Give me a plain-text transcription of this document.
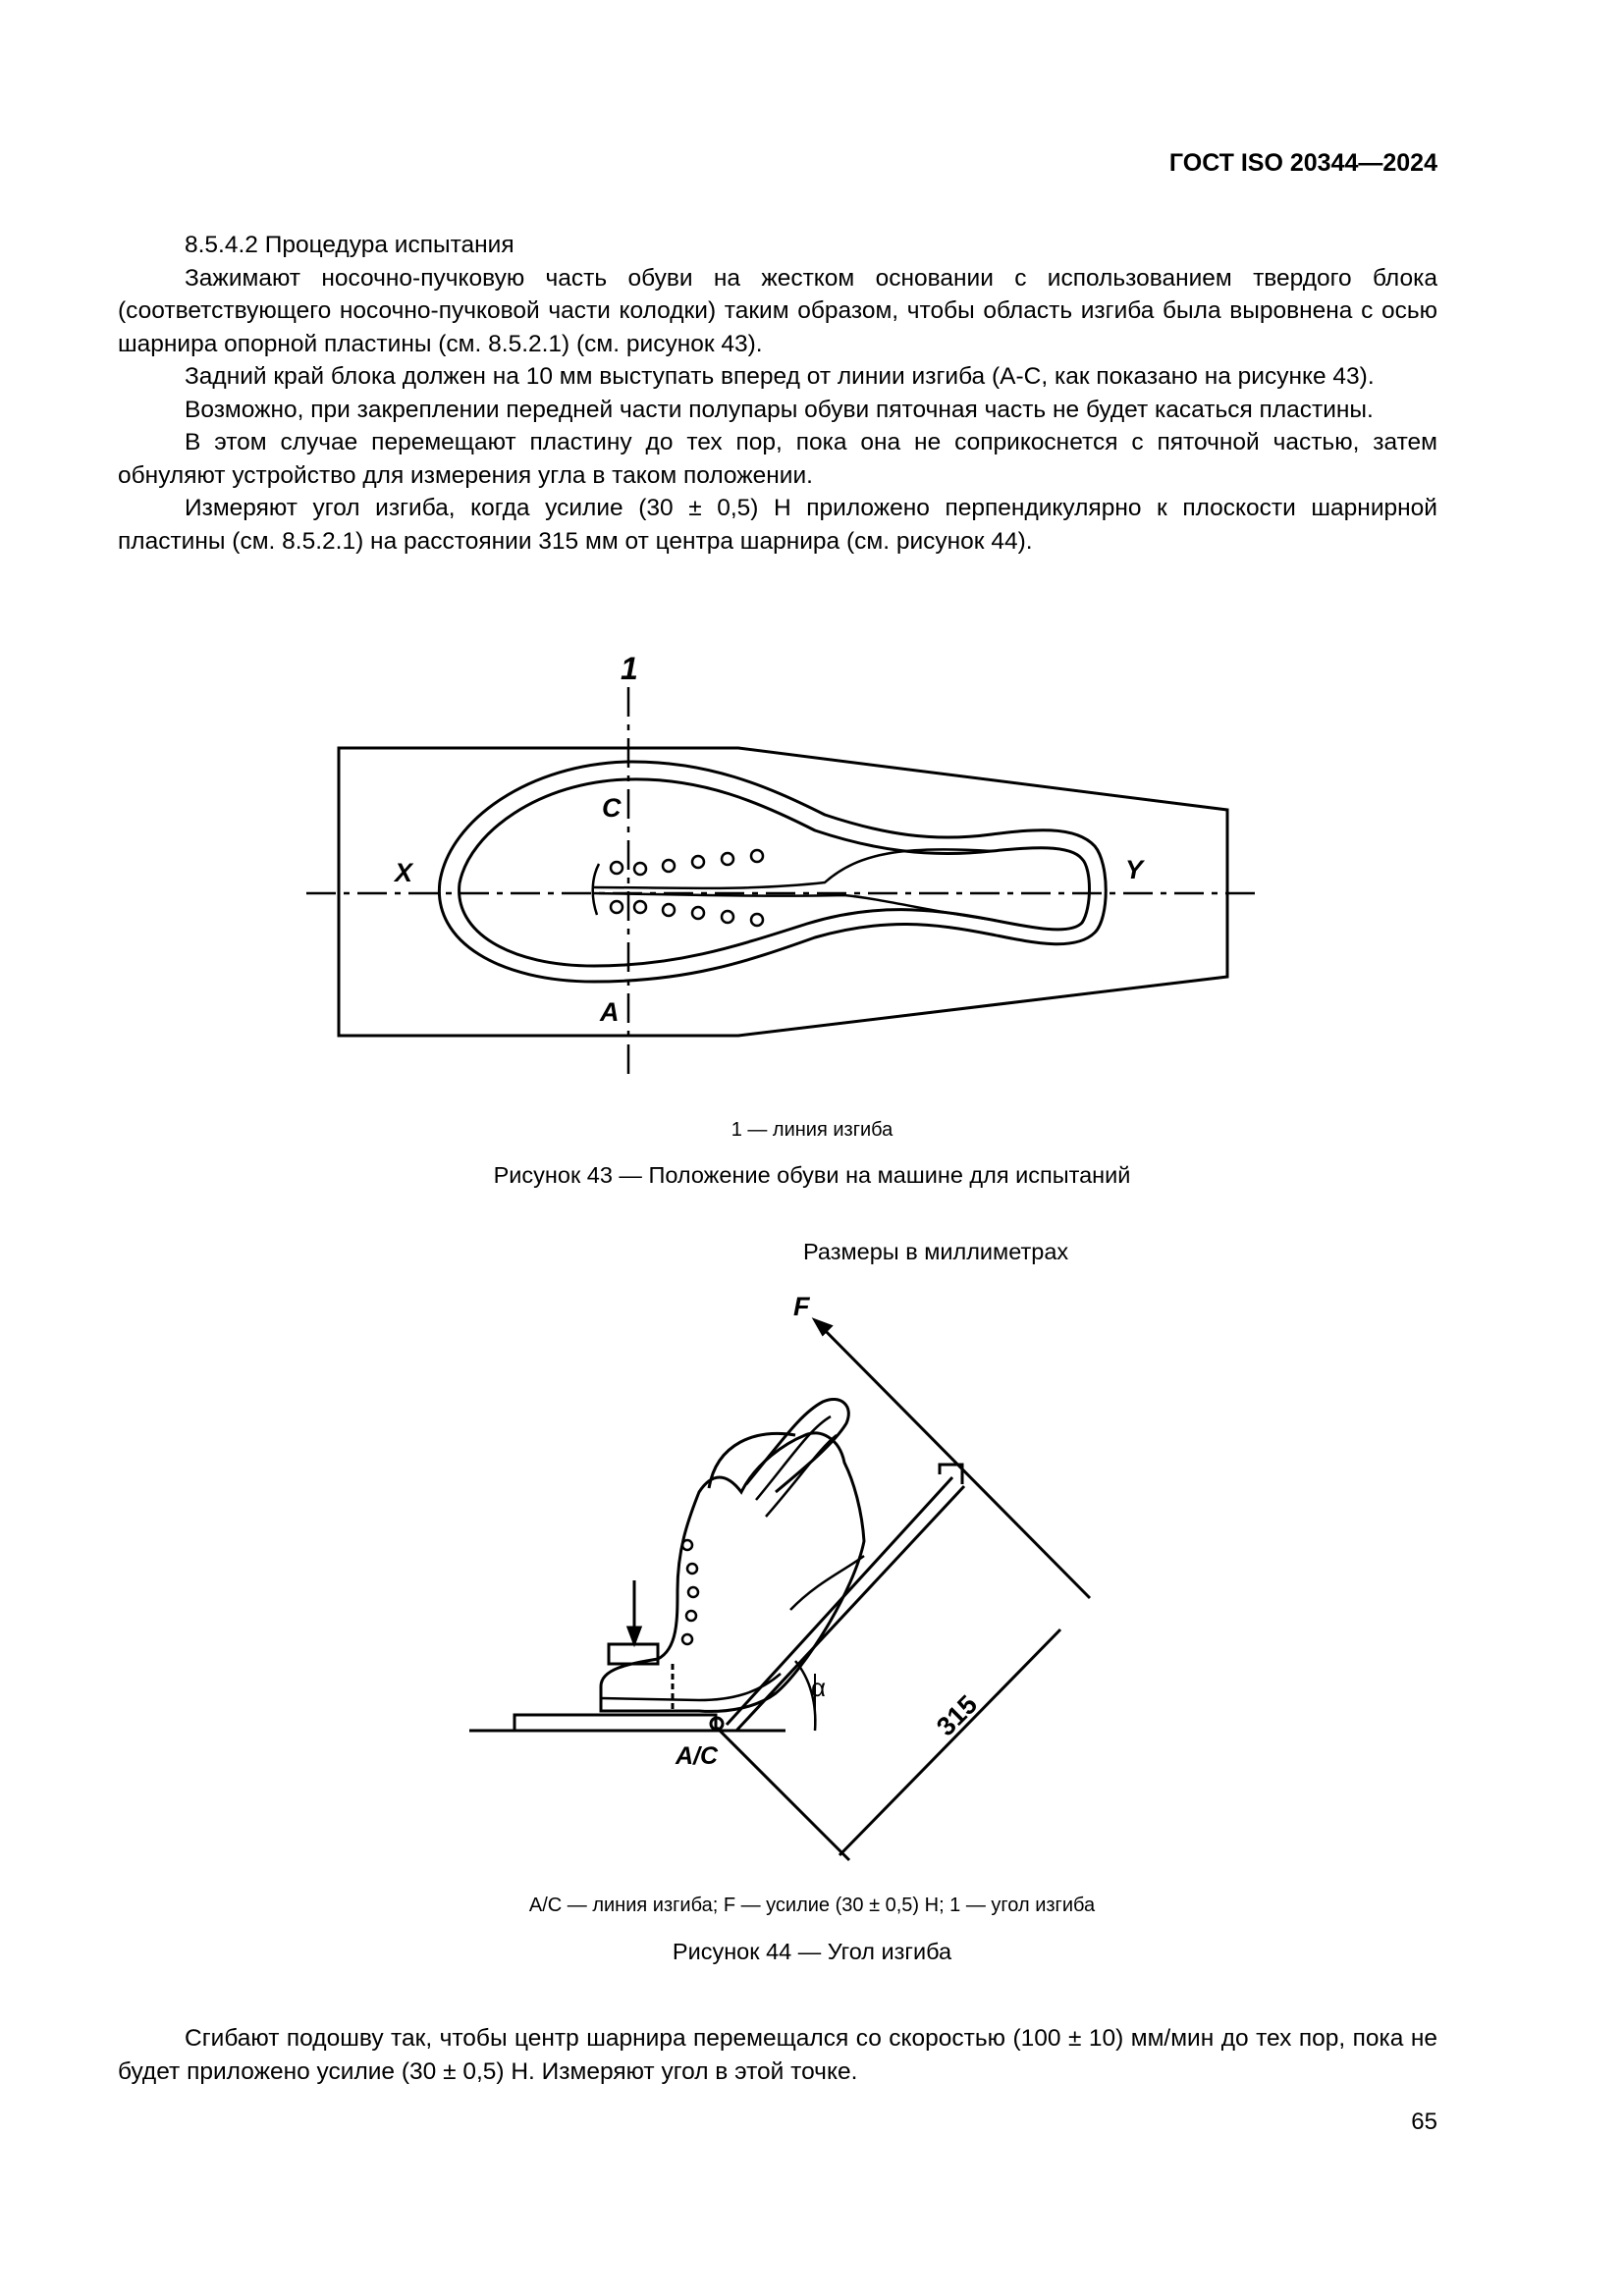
ГОСТ ISO 20344—2024

8.5.4.2 Процедура испытания

Зажимают носочно-пучковую часть обуви на жестком основании с использованием твердого блока (соответствующего носочно-пучковой части колодки) таким образом, чтобы область изгиба была выровнена с осью шарнира опорной пластины (см. 8.5.2.1) (см. рисунок 43).

Задний край блока должен на 10 мм выступать вперед от линии изгиба (A-C, как показано на рисунке 43).

Возможно, при закреплении передней части полупары обуви пяточная часть не будет касаться пластины.

В этом случае перемещают пластину до тех пор, пока она не соприкоснется с пяточной частью, затем обнуляют устройство для измерения угла в таком положении.

Измеряют угол изгиба, когда усилие (30 ± 0,5) Н приложено перпендикулярно к плоскости шарнирной пластины (см. 8.5.2.1) на расстоянии 315 мм от центра шарнира (см. рисунок 44).

1
C
A
X	Y
1 — линия изгиба
Рисунок 43 — Положение обуви на машине для испытаний
Размеры в миллиметрах
F
α
315
A/C
A/C — линия изгиба; F — усилие (30 ± 0,5) Н; 1 — угол изгиба
Рисунок 44 — Угол изгиба

Сгибают подошву так, чтобы центр шарнира перемещался со скоростью (100 ± 10) мм/мин до тех пор, пока не будет приложено усилие (30 ± 0,5) Н. Измеряют угол в этой точке.

65
